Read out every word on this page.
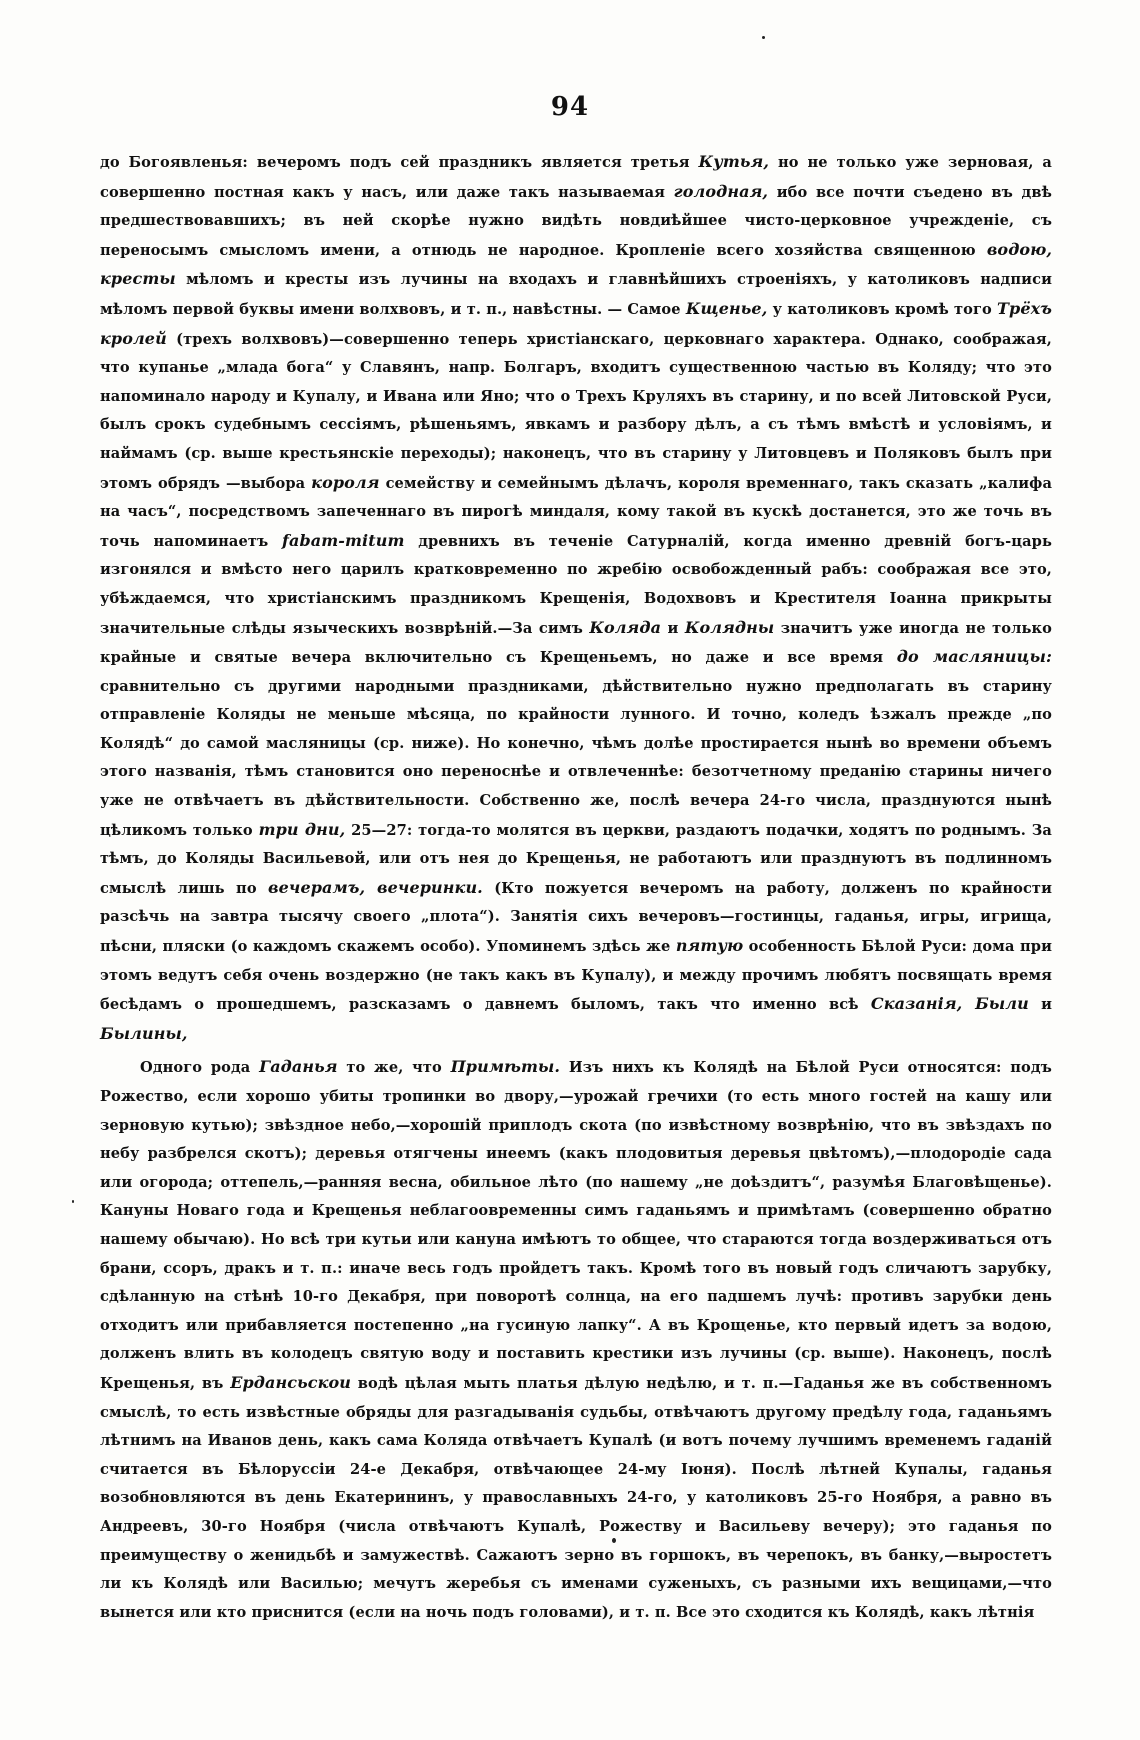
94

до Богоявленья: вечеромъ подъ сей праздникъ является третья Кутья, но не только уже зерновая, а совершенно постная какъ у насъ, или даже такъ называемая голодная, ибо все почти съедено въ двѣ предшествовавшихъ; въ ней скорѣе нужно видѣть новдиѣйшее чисто-церковное учрежденіе, съ переносымъ смысломъ имени, а отнюдь не народное. Кропленіе всего хозяйства священною водою, кресты мѣломъ и кресты изъ лучины на входахъ и главнѣйшихъ строеніяхъ, у католиковъ надписи мѣломъ первой буквы имени волхвовъ, и т. п., навѣстны. — Самое Кщенье, у католиковъ кромѣ того Трёхъ кролей (трехъ волхвовъ)—совершенно теперь христіанскаго, церковнаго характера. Однако, соображая, что купанье „млада бога“ у Славянъ, напр. Болгаръ, входитъ существенною частью въ Коляду; что это напоминало народу и Купалу, и Ивана или Яно; что о Трехъ Круляхъ въ старину, и по всей Литовской Руси, былъ срокъ судебнымъ сессіямъ, рѣшеньямъ, явкамъ и разбору дѣлъ, а съ тѣмъ вмѣстѣ и условіямъ, и наймамъ (ср. выше крестьянскіе переходы); наконецъ, что въ старину у Литовцевъ и Поляковъ былъ при этомъ обрядъ —выбора короля семейству и семейнымъ дѣлачъ, короля временнаго, такъ сказать „калифа на часъ“, посредствомъ запеченнаго въ пирогѣ миндаля, кому такой въ кускѣ достанется, это же точь въ точь напоминаетъ fabam-mitum древнихъ въ теченіе Сатурналій, когда именно древній богъ-царь изгонялся и вмѣсто него царилъ кратковременно по жребію освобожденный рабъ: соображая все это, убѣждаемся, что христіанскимъ праздникомъ Крещенія, Водохвовъ и Крестителя Іоанна прикрыты значительные слѣды языческихъ возврѣній.—За симъ Коляда и Колядны значитъ уже иногда не только крайные и святые вечера включительно съ Крещеньемъ, но даже и все время до масляницы: сравнительно съ другими народными праздниками, дѣйствительно нужно предполагать въ старину отправленіе Коляды не меньше мѣсяца, по крайности лунного. И точно, коледъ ѣзжалъ прежде „по Колядѣ“ до самой масляницы (ср. ниже). Но конечно, чѣмъ долѣе простирается нынѣ во времени объемъ этого названія, тѣмъ становится оно переноснѣе и отвлеченнѣе: безотчетному преданію старины ничего уже не отвѣчаетъ въ дѣйствительности. Собственно же, послѣ вечера 24-го числа, празднуются нынѣ цѣликомъ только три дни, 25—27: тогда-то молятся въ церкви, раздаютъ подачки, ходятъ по роднымъ. За тѣмъ, до Коляды Васильевой, или отъ нея до Крещенья, не работаютъ или празднуютъ въ подлинномъ смыслѣ лишь по вечерамъ, вечеринки. (Кто пожуется вечеромъ на работу, долженъ по крайности разсѣчь на завтра тысячу своего „плота“). Занятія сихъ вечеровъ—гостинцы, гаданья, игры, игрища, пѣсни, пляски (о каждомъ скажемъ особо). Упоминемъ здѣсь же пятую особенность Бѣлой Руси: дома при этомъ ведутъ себя очень воздержно (не такъ какъ въ Купалу), и между прочимъ любятъ посвящать время бесѣдамъ о прошедшемъ, разсказамъ о давнемъ быломъ, такъ что именно всѣ Сказанія, Были и Былины,

Одного рода Гаданья то же, что Примѣты. Изъ нихъ къ Колядѣ на Бѣлой Руси относятся: подъ Рожество, если хорошо убиты тропинки во двору,—урожай гречихи (то есть много гостей на кашу или зерновую кутью); звѣздное небо,—хорошій приплодъ скота (по извѣстному возврѣнію, что въ звѣздахъ по небу разбрелся скотъ); деревья отягчены инеемъ (какъ плодовитыя деревья цвѣтомъ),—плодородіе сада или огорода; оттепель,—ранняя весна, обильное лѣто (по нашему „не доѣздитъ“, разумѣя Благовѣщенье). Кануны Новаго года и Крещенья неблагоовременны симъ гаданьямъ и примѣтамъ (совершенно обратно нашему обычаю). Но всѣ три кутьи или кануна имѣютъ то общее, что стараются тогда воздерживаться отъ брани, ссоръ, дракъ и т. п.: иначе весь годъ пройдетъ такъ. Кромѣ того въ новый годъ сличаютъ зарубку, сдѣланную на стѣнѣ 10-го Декабря, при поворотѣ солнца, на его падшемъ лучѣ: противъ зарубки день отходитъ или прибавляется постепенно „на гусиную лапку“. А въ Крощенье, кто первый идетъ за водою, долженъ влить въ колодецъ святую воду и поставить крестики изъ лучины (ср. выше). Наконецъ, послѣ Крещенья, въ Ердансьскои водѣ цѣлая мыть платья дѣлую недѣлю, и т. п.—Гаданья же въ собственномъ смыслѣ, то есть извѣстные обряды для разгадыванія судьбы, отвѣчаютъ другому предѣлу года, гаданьямъ лѣтнимъ на Иванов день, какъ сама Коляда отвѣчаетъ Купалѣ (и вотъ почему лучшимъ временемъ гаданій считается въ Бѣлоруссіи 24-е Декабря, отвѣчающее 24-му Іюня). Послѣ лѣтней Купалы, гаданья возобновляются въ день Екатерининъ, у православныхъ 24-го, у католиковъ 25-го Ноября, а равно въ Андреевъ, 30-го Ноября (числа отвѣчаютъ Купалѣ, Рожеству и Васильеву вечеру); это гаданья по преимуществу о женидьбѣ и замужествѣ. Сажаютъ зерно въ горшокъ, въ черепокъ, въ банку,—выростетъ ли къ Колядѣ или Василью; мечутъ жеребья съ именами суженыхъ, съ разными ихъ вещицами,—что вынется или кто приснится (если на ночь подъ головами), и т. п. Все это сходится къ Колядѣ, какъ лѣтнія
